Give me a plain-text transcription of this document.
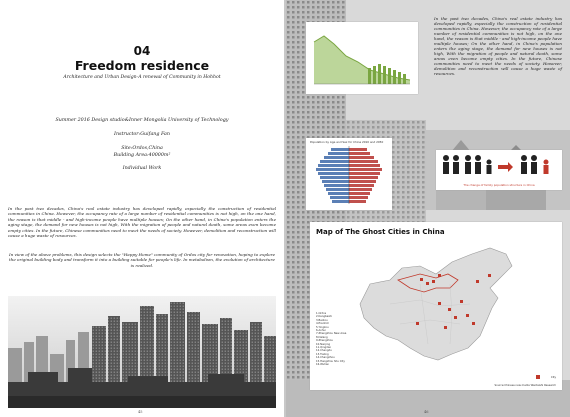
04
Freedom residence
Architecture and Urban Design-A renewal of Community in Hohhot
Summer 2016 Design studio&Inner Mongolia University of Technology
Instructor:Guifang Fan
Site:Ordos,China
Building Area:40000m²
Individual Work

In the past two decades, China's real estate industry has developed rapidly, especially the construction of residential communities in China. However, the occupancy rate of a large number of residential communities is not high, on the one hand, the reason is that middle - and high-income people have multiple houses; On the other hand, in China's population enters the aging stage, the demand for new houses is not high, With the migration of people and natural death, some areas even become empty cities. In the future, Chinese communities need to meet the needs of society. However, demolition and reconstruction will cause a huge waste of resources.

In view of the above problems, this design selects the "Happy Home" community of Ordos city for renovation, hoping to explore the original building body and transform it into a building suitable for people's life. In metabolism, the evolution of architecture is realized.

45

In the past two decades, China's real estate industry has developed rapidly, especially the construction of residential communities in China. However, the occupancy rate of a large number of residential communities is not high, on the one hand, the reason is that middle - and high-income people have multiple houses; On the other hand, in China's population enters the aging stage, the demand for new houses is not high, With the migration of people and natural death, some areas even become empty cities. In the future, Chinese communities need to meet the needs of society. However, demolition and reconstruction will cause a huge waste of resources.

Population by Age and Sex for China 2010 and 2050
The change of family population structure in China
Map of The Ghost Cities in China
1.Ordos
2.Kangbashi
3.Baotou
4.Erenhot
5.Yingkou
6.Anhui
7.Zhengzhou New Area
8.Dalang
9.Zhengzhou
10.Nanjing
11.Qingdao
12.Chengdu
13.Tieling
14.Changzhou
15.Hangzhou Shu City
16.Wuhan
City
Source:Chinese new media Wantaishi Research
46
